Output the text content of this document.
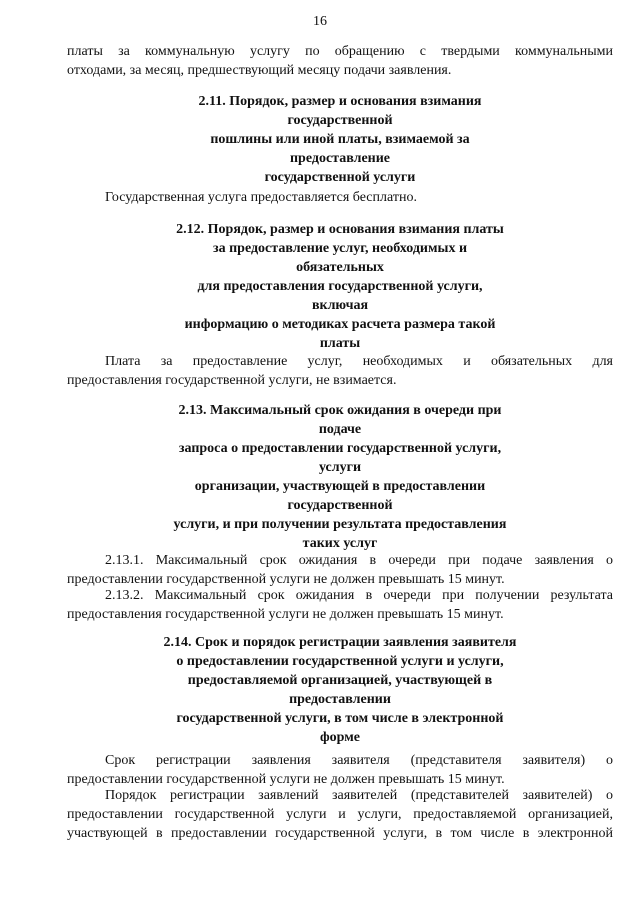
16
платы за коммунальную услугу по обращению с твердыми коммунальными
отходами, за месяц, предшествующий месяцу подачи заявления.
2.11. Порядок, размер и основания взимания
государственной
пошлины или иной платы, взимаемой за
предоставление
государственной услуги
Государственная услуга предоставляется бесплатно.
2.12. Порядок, размер и основания взимания платы
за предоставление услуг, необходимых и
обязательных
для предоставления государственной услуги,
включая
информацию о методиках расчета размера такой
платы
Плата за предоставление услуг, необходимых и обязательных для
предоставления государственной услуги, не взимается.
2.13. Максимальный срок ожидания в очереди при
подаче
запроса о предоставлении государственной услуги,
услуги
организации, участвующей в предоставлении
государственной
услуги, и при получении результата предоставления
таких услуг
2.13.1. Максимальный срок ожидания в очереди при подаче заявления о
предоставлении государственной услуги не должен превышать 15 минут.
2.13.2. Максимальный срок ожидания в очереди при получении результата
предоставления государственной услуги не должен превышать 15 минут.
2.14. Срок и порядок регистрации заявления заявителя
о предоставлении государственной услуги и услуги,
предоставляемой организацией, участвующей в
предоставлении
государственной услуги, в том числе в электронной
форме
Срок регистрации заявления заявителя (представителя заявителя) о
предоставлении государственной услуги не должен превышать 15 минут.
Порядок регистрации заявлений заявителей (представителей заявителей) о
предоставлении государственной услуги и услуги, предоставляемой организацией,
участвующей в предоставлении государственной услуги, в том числе в электронной
